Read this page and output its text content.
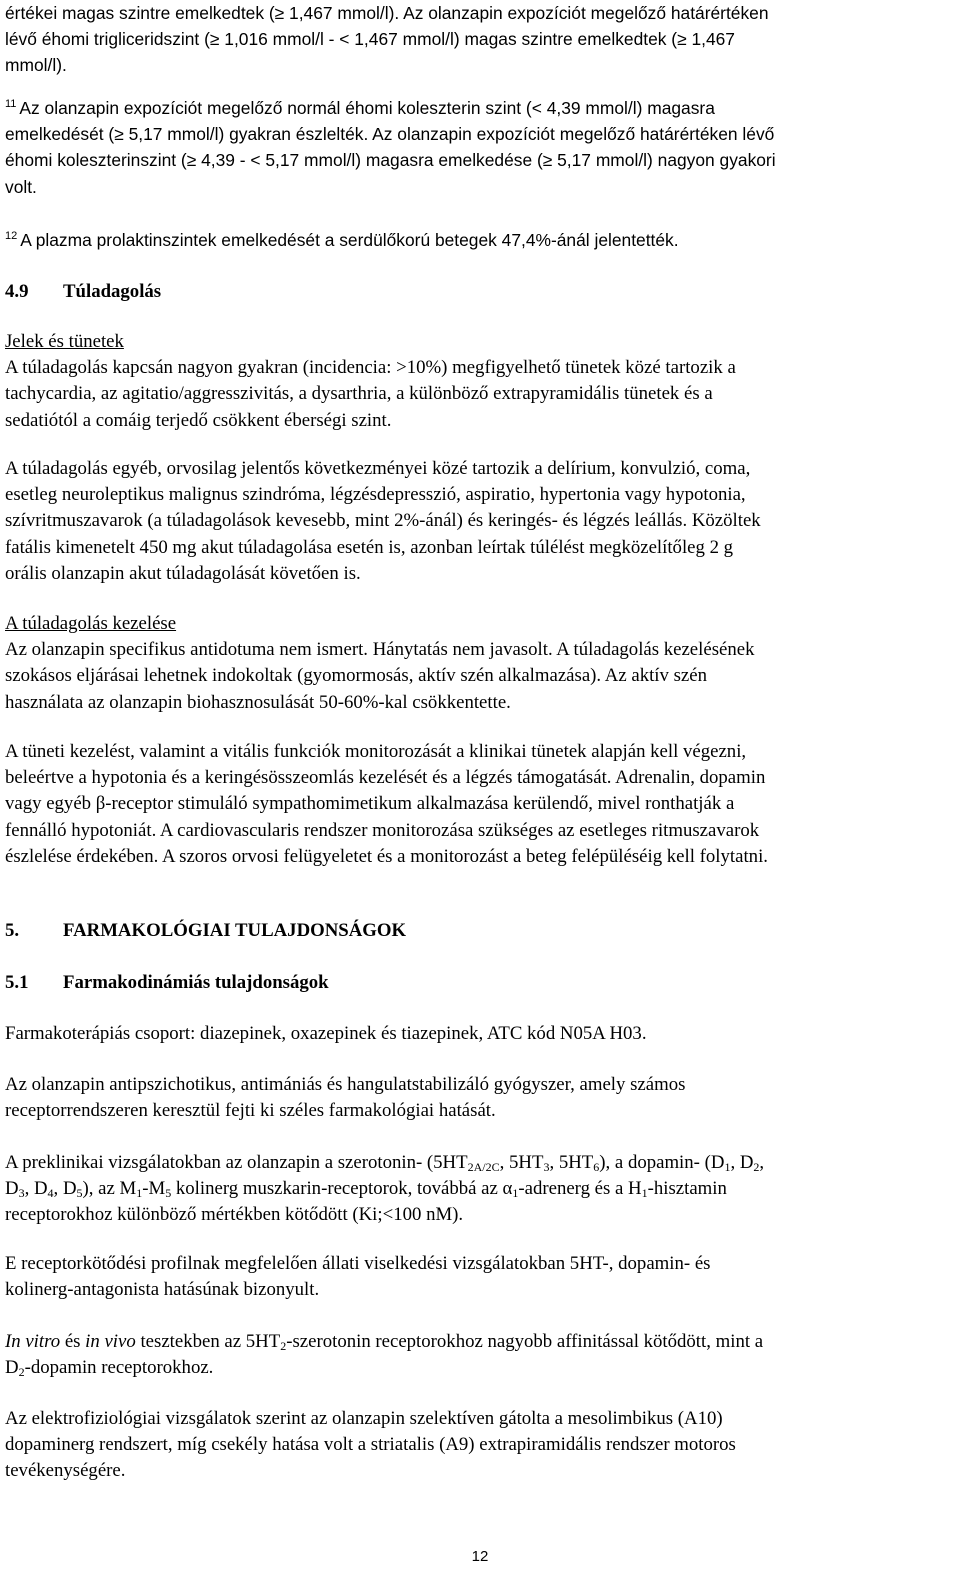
értékei magas szintre emelkedtek (≥ 1,467 mmol/l). Az olanzapin expozíciót megelőző határértéken
lévő éhomi trigliceridszint (≥ 1,016 mmol/l - < 1,467 mmol/l) magas szintre emelkedtek (≥ 1,467
mmol/l).
$^{11}$ Az olanzapin expozíciót megelőző normál éhomi koleszterin szint (< 4,39 mmol/l) magasra
emelkedését (≥ 5,17 mmol/l) gyakran észlelték. Az olanzapin expozíciót megelőző határértéken lévő
éhomi koleszterinszint (≥ 4,39 - < 5,17 mmol/l) magasra emelkedése (≥ 5,17 mmol/l) nagyon gyakori
volt.
$^{12}$ A plazma prolaktinszintek emelkedését a serdülőkorú betegek 47,4%-ánál jelentették.
4.9 Túladagolás
Jelek és tünetek
A túladagolás kapcsán nagyon gyakran (incidencia: >10%) megfigyelhető tünetek közé tartozik a
tachycardia, az agitatio/aggresszivitás, a dysarthria, a különböző extrapyramidális tünetek és a
sedatiótól a comáig terjedő csökkent éberségi szint.
A túladagolás egyéb, orvosilag jelentős következményei közé tartozik a delírium, konvulzió, coma,
esetleg neuroleptikus malignus szindróma, légzésdepresszió, aspiratio, hypertonia vagy hypotonia,
szívritmuszavarok (a túladagolások kevesebb, mint 2%-ánál) és keringés- és légzés leállás. Közöltek
fatális kimenetelt 450 mg akut túladagolása esetén is, azonban leírtak túlélést megközelítőleg 2 g
orális olanzapin akut túladagolását követően is.
A túladagolás kezelése
Az olanzapin specifikus antidotuma nem ismert. Hánytatás nem javasolt. A túladagolás kezelésének
szokásos eljárásai lehetnek indokoltak (gyomormosás, aktív szén alkalmazása). Az aktív szén
használata az olanzapin biohasznosulását 50-60%-kal csökkentette.
A tüneti kezelést, valamint a vitális funkciók monitorozását a klinikai tünetek alapján kell végezni,
beleértve a hypotonia és a keringésösszeomlás kezelését és a légzés támogatását. Adrenalin, dopamin
vagy egyéb β-receptor stimuláló sympathomimetikum alkalmazása kerülendő, mivel ronthatják a
fennálló hypotoniát. A cardiovascularis rendszer monitorozása szükséges az esetleges ritmuszavarok
észlelése érdekében. A szoros orvosi felügyeletet és a monitorozást a beteg felépüléséig kell folytatni.
5. FARMAKOLÓGIAI TULAJDONSÁGOK
5.1 Farmakodinámiás tulajdonságok
Farmakoterápiás csoport: diazepinek, oxazepinek és tiazepinek, ATC kód N05A H03.
Az olanzapin antipszichotikus, antimániás és hangulatstabilizáló gyógyszer, amely számos
receptorrendszeren keresztül fejti ki széles farmakológiai hatását.
A preklinikai vizsgálatokban az olanzapin a szerotonin- ($5HT_{2A/2C}$, $5HT_3$, $5HT_6$), a dopamin- ($D_1$, $D_2$,
$D_3$, $D_4$, $D_5$), az $M_1-M_5$ kolinerg muszkarin-receptorok, továbbá az $\alpha_1$-adrenerg és a $H_1$-hisztamin
receptorokhoz különböző mértékben kötődött (Ki;<100 nM).
E receptorkötődési profilnak megfelelően állati viselkedési vizsgálatokban 5HT-, dopamin- és
kolinerg-antagonista hatásúnak bizonyult.
In vitro és in vivo tesztekben az $5HT_2$-szerotonin receptorokhoz nagyobb affinitással kötődött, mint a
$D_2$-dopamin receptorokhoz.
Az elektrofiziológiai vizsgálatok szerint az olanzapin szelektíven gátolta a mesolimbikus (A10)
dopaminerg rendszert, míg csekély hatása volt a striatalis (A9) extrapiramidális rendszer motoros
tevékenységére.
12
